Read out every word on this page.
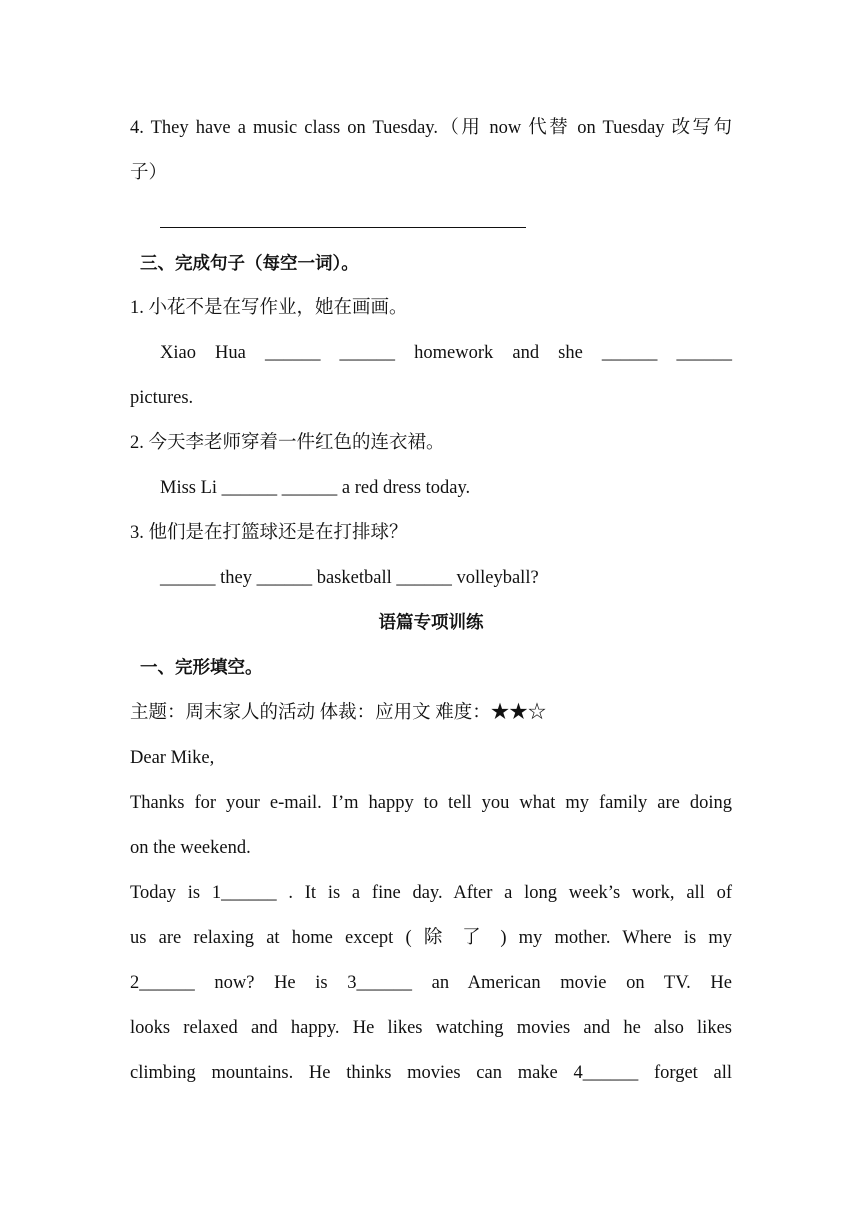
4. They have a music class on Tuesday.（用 now 代替 on Tuesday 改写句
子）
三、完成句子（每空一词）。
1. 小花不是在写作业，她在画画。
Xiao Hua ______ ______ homework and she ______ ______
pictures.
2. 今天李老师穿着一件红色的连衣裙。
Miss Li ______ ______ a red dress today.
3. 他们是在打篮球还是在打排球？
______ they ______ basketball ______ volleyball?
语篇专项训练
一、完形填空。
主题：周末家人的活动 体裁：应用文 难度：★★☆
Dear Mike,
Thanks for your e-mail. I’m happy to tell you what my family are doing
on the weekend.
Today is 1______ . It is a fine day. After a long week’s work, all of
us are relaxing at home except ( 除 了 ) my mother. Where is my
2______ now? He is 3______ an American movie on TV. He
looks relaxed and happy. He likes watching movies and he also likes
climbing mountains. He thinks movies can make 4______ forget all
